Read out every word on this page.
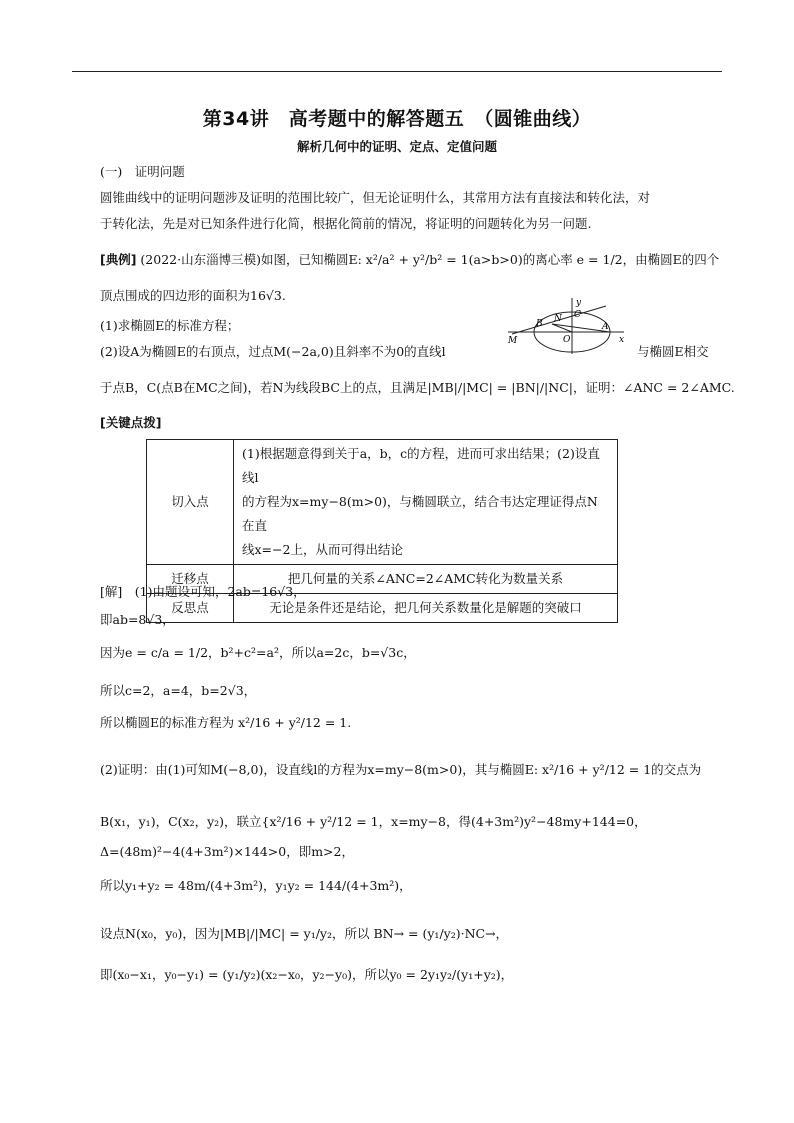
第34讲　高考题中的解答题五　（圆锥曲线）
解析几何中的证明、定点、定值问题
(一)　证明问题
圆锥曲线中的证明问题涉及证明的范围比较广，但无论证明什么，其常用方法有直接法和转化法，对
于转化法，先是对已知条件进行化简，根据化简前的情况，将证明的问题转化为另一问题.
[典例] (2022·山东淄博三模)如图，已知椭圆E: x²/a² + y²/b² = 1(a>b>0)的离心率 e = 1/2，由椭圆E的四个
顶点围成的四边形的面积为16√3.
(1)求椭圆E的标准方程；
(2)设A为椭圆E的右顶点，过点M(−2a,0)且斜率不为0的直线l	与椭圆E相交
于点B，C(点B在MC之间)，若N为线段BC上的点，且满足|MB|/|MC| = |BN|/|NC|，证明：∠ANC = 2∠AMC.
y
C
B N
A
M	O	x
[关键点拨]
切入点	(1)根据题意得到关于a，b，c的方程，进而可求出结果；(2)设直线l
的方程为x=my−8(m>0)，与椭圆联立，结合韦达定理证得点N在直
线x=−2上，从而可得出结论

迁移点	把几何量的关系∠ANC=2∠AMC转化为数量关系

反思点	无论是条件还是结论，把几何关系数量化是解题的突破口
[解]　(1)由题设可知，2ab=16√3，
即ab=8√3，
因为e = c/a = 1/2，b²+c²=a²，所以a=2c，b=√3c，
所以c=2，a=4，b=2√3，
所以椭圆E的标准方程为 x²/16 + y²/12 = 1.
(2)证明：由(1)可知M(−8,0)，设直线l的方程为x=my−8(m>0)，其与椭圆E: x²/16 + y²/12 = 1的交点为
B(x₁，y₁)，C(x₂，y₂)，联立{x²/16 + y²/12 = 1，x=my−8，得(4+3m²)y²−48my+144=0，
Δ=(48m)²−4(4+3m²)×144>0，即m>2，
所以y₁+y₂ = 48m/(4+3m²)，y₁y₂ = 144/(4+3m²)，
设点N(x₀，y₀)，因为|MB|/|MC| = y₁/y₂，所以 BN→ = (y₁/y₂)·NC→，
即(x₀−x₁，y₀−y₁) = (y₁/y₂)(x₂−x₀，y₂−y₀)，所以y₀ = 2y₁y₂/(y₁+y₂)，
